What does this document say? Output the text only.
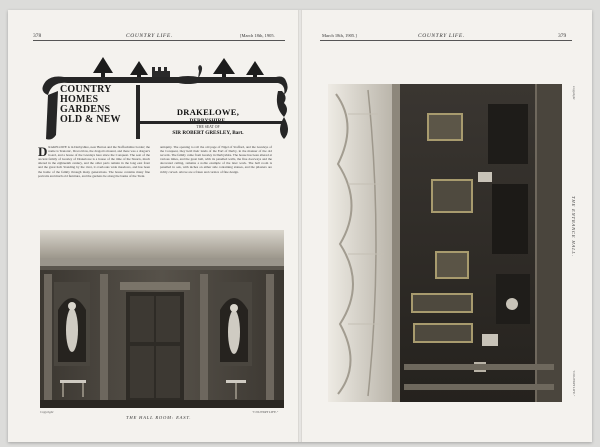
378	COUNTRY LIFE.	[March 18th, 1905.
COUNTRY
HOMES
GARDENS
OLD & NEW
DRAKELOWE,
DERBYSHIRE,
THE SEAT OF
SIR ROBERT GRESLEY, Bart.
DRAKELOWE is in Derbyshire, near Burton and the Staffordshire border; the name is Teutonic, Draca hlaw, the dragon's mound, and there was a dragon's hoard, and a house of the Gresleys here since the Conquest. The seat of the ancient family of Gresley of Drakelowe is a house of the time of the Stuarts, much altered in the eighteenth century, and the older parts remain in the long east front and the great hall. Standing by the river, it overlooks wide meadows, and has been the home of the family through many generations. The house contains many fine portraits and much old furniture, and the gardens lie along the banks of the Trent.
antiquity. The opening to roll the old page of Nigel of Stafford, and the Gresleys of the Conquest, they held their lands of the Earl of Derby, in the manner of the old records. The family came from Gresley in Derbyshire. The house has been altered at various times, and the great hall, with its panelled walls, the fine doorways and the decorated ceiling, remains a noble example of the later work. The hall room is panelled in oak, with niches on either side containing statues, and the pilasters are richly carved. Above are a frieze and cornice of fine design.
Copyright
THE HALL ROOM: EAST.
"COUNTRY LIFE."
March 18th, 1905.]	COUNTRY LIFE.	379
THE ENTRANCE HALL.
Copyright
"COUNTRY LIFE."
